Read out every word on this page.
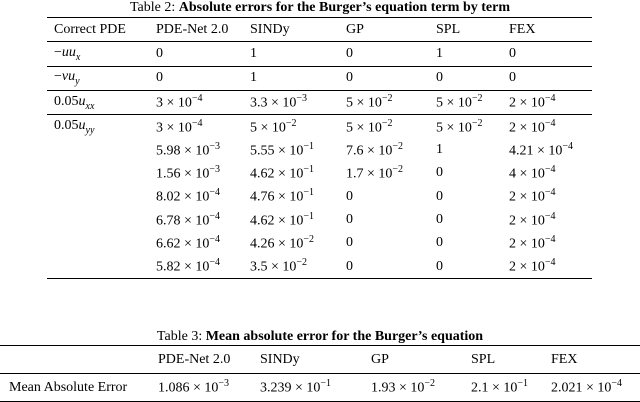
Table 2: Absolute errors for the Burger’s equation term by term
Correct PDE	PDE-Net 2.0	SINDy	GP	SPL	FEX
$-uu_x$	0	1	0	1	0
$-vu_y$	0	1	0	0	0
$0.05u_{xx}$	$3 \times 10^{-4}$	$3.3 \times 10^{-3}$	$5 \times 10^{-2}$	$5 \times 10^{-2}$	$2 \times 10^{-4}$
$0.05u_{yy}$	$3 \times 10^{-4}$	$5 \times 10^{-2}$	$5 \times 10^{-2}$	$5 \times 10^{-2}$	$2 \times 10^{-4}$
	$5.98 \times 10^{-3}$	$5.55 \times 10^{-1}$	$7.6 \times 10^{-2}$	1	$4.21 \times 10^{-4}$
	$1.56 \times 10^{-3}$	$4.62 \times 10^{-1}$	$1.7 \times 10^{-2}$	0	$4 \times 10^{-4}$
	$8.02 \times 10^{-4}$	$4.76 \times 10^{-1}$	0	0	$2 \times 10^{-4}$
	$6.78 \times 10^{-4}$	$4.62 \times 10^{-1}$	0	0	$2 \times 10^{-4}$
	$6.62 \times 10^{-4}$	$4.26 \times 10^{-2}$	0	0	$2 \times 10^{-4}$
	$5.82 \times 10^{-4}$	$3.5 \times 10^{-2}$	0	0	$2 \times 10^{-4}$
Table 3: Mean absolute error for the Burger’s equation
	PDE-Net 2.0	SINDy	GP	SPL	FEX
Mean Absolute Error	$1.086 \times 10^{-3}$	$3.239 \times 10^{-1}$	$1.93 \times 10^{-2}$	$2.1 \times 10^{-1}$	$2.021 \times 10^{-4}$
